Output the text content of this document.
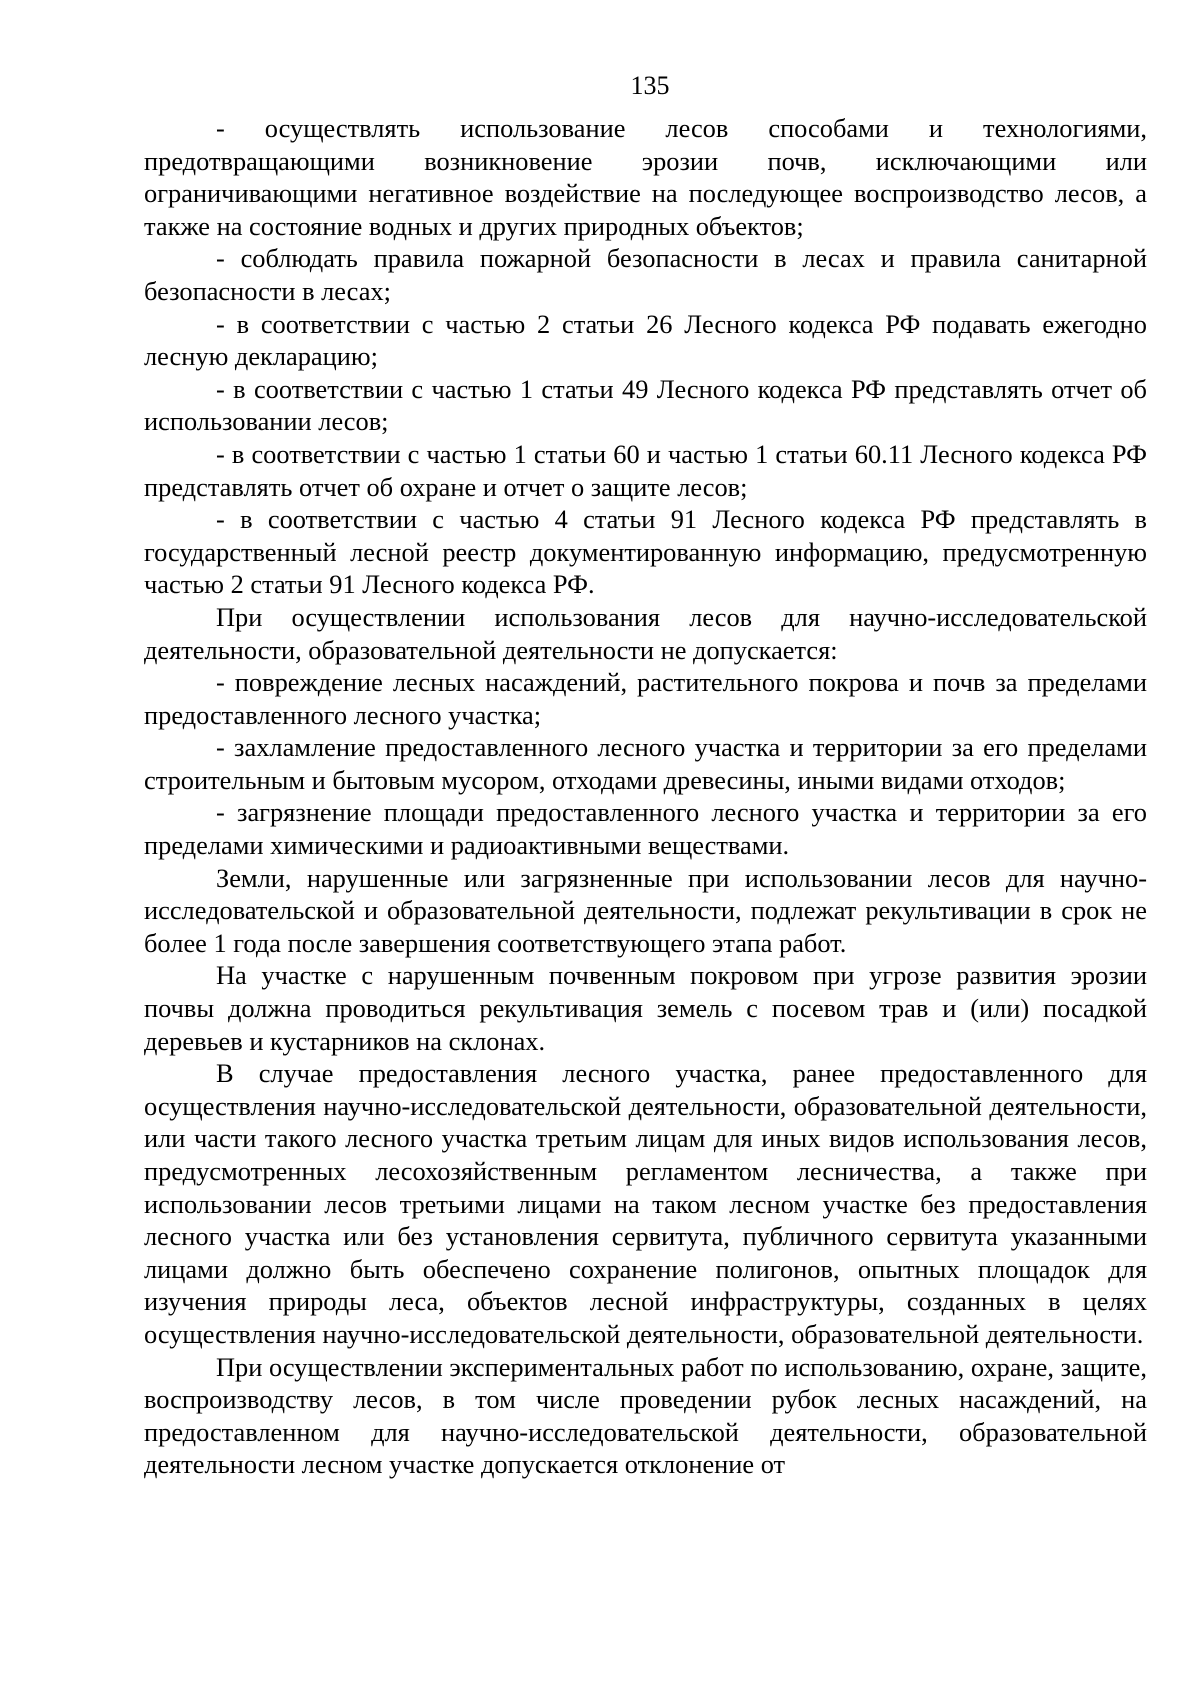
135

- осуществлять использование лесов способами и технологиями, предотвращающими возникновение эрозии почв, исключающими или ограничивающими негативное воздействие на последующее воспроизводство лесов, а также на состояние водных и других природных объектов;

- соблюдать правила пожарной безопасности в лесах и правила санитарной безопасности в лесах;

- в соответствии с частью 2 статьи 26 Лесного кодекса РФ подавать ежегодно лесную декларацию;

- в соответствии с частью 1 статьи 49 Лесного кодекса РФ представлять отчет об использовании лесов;

- в соответствии с частью 1 статьи 60 и частью 1 статьи 60.11 Лесного кодекса РФ представлять отчет об охране и отчет о защите лесов;

- в соответствии с частью 4 статьи 91 Лесного кодекса РФ представлять в государственный лесной реестр документированную информацию, предусмотренную частью 2 статьи 91 Лесного кодекса РФ.

При осуществлении использования лесов для научно-исследовательской деятельности, образовательной деятельности не допускается:

- повреждение лесных насаждений, растительного покрова и почв за пределами предоставленного лесного участка;

- захламление предоставленного лесного участка и территории за его пределами строительным и бытовым мусором, отходами древесины, иными видами отходов;

- загрязнение площади предоставленного лесного участка и территории за его пределами химическими и радиоактивными веществами.

Земли, нарушенные или загрязненные при использовании лесов для научно-исследовательской и образовательной деятельности, подлежат рекультивации в срок не более 1 года после завершения соответствующего этапа работ.

На участке с нарушенным почвенным покровом при угрозе развития эрозии почвы должна проводиться рекультивация земель с посевом трав и (или) посадкой деревьев и кустарников на склонах.

В случае предоставления лесного участка, ранее предоставленного для осуществления научно-исследовательской деятельности, образовательной деятельности, или части такого лесного участка третьим лицам для иных видов использования лесов, предусмотренных лесохозяйственным регламентом лесничества, а также при использовании лесов третьими лицами на таком лесном участке без предоставления лесного участка или без установления сервитута, публичного сервитута указанными лицами должно быть обеспечено сохранение полигонов, опытных площадок для изучения природы леса, объектов лесной инфраструктуры, созданных в целях осуществления научно-исследовательской деятельности, образовательной деятельности.

При осуществлении экспериментальных работ по использованию, охране, защите, воспроизводству лесов, в том числе проведении рубок лесных насаждений, на предоставленном для научно-исследовательской деятельности, образовательной деятельности лесном участке допускается отклонение от
